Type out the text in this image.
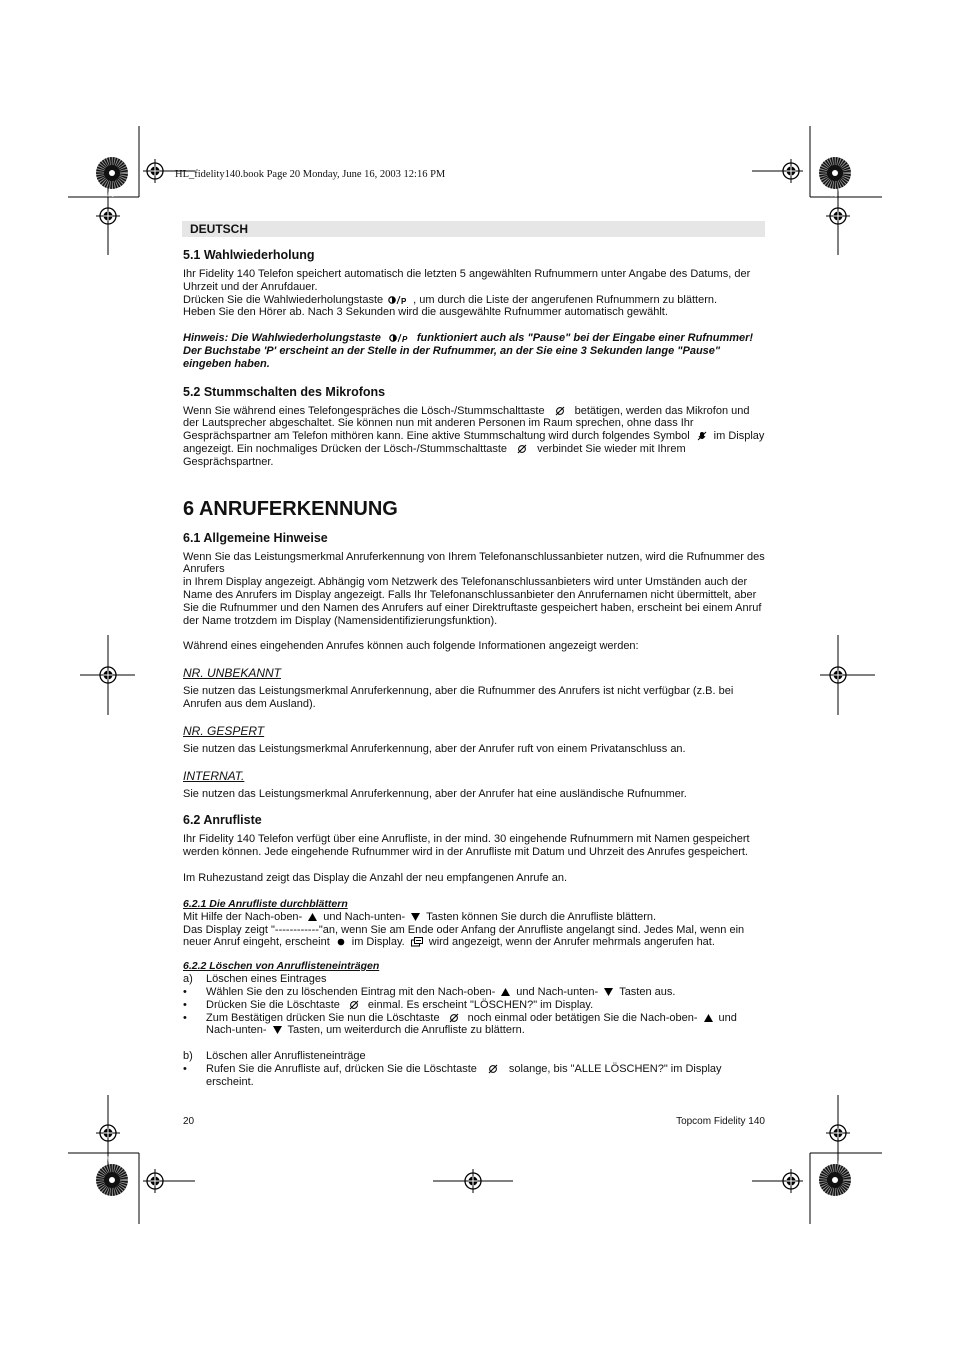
HL_fidelity140.book Page 20 Monday, June 16, 2003 12:16 PM
DEUTSCH
5.1 Wahlwiederholung

Ihr Fidelity 140 Telefon speichert automatisch die letzten 5 angewählten Rufnummern unter Angabe des Datums, der Uhrzeit und der Anrufdauer.

Drücken Sie die Wahlwiederholungstaste P , um durch die Liste der angerufenen Rufnummern zu blättern.

Heben Sie den Hörer ab. Nach 3 Sekunden wird die ausgewählte Rufnummer automatisch gewählt.

Hinweis: Die Wahlwiederholungstaste	P funktioniert auch als "Pause" bei der Eingabe einer Rufnummer! Der Buchstabe 'P' erscheint an der Stelle in der Rufnummer, an der Sie eine 3 Sekunden lange "Pause" eingeben haben.

5.2 Stummschalten des Mikrofons

Wenn Sie während eines Telefongespräches die Lösch-/Stummschalttaste	betätigen, werden das Mikrofon und der Lautsprecher abgeschaltet. Sie können nun mit anderen Personen im Raum sprechen, ohne dass Ihr Gesprächspartner am Telefon mithören kann. Eine aktive Stummschaltung wird durch folgendes Symbol im Display angezeigt. Ein nochmaliges Drücken der Lösch-/Stummschalttaste	verbindet Sie wieder mit Ihrem Gesprächspartner.

6 ANRUFERKENNUNG
6.1 Allgemeine Hinweise

Wenn Sie das Leistungsmerkmal Anruferkennung von Ihrem Telefonanschlussanbieter nutzen, wird die Rufnummer des Anrufers

in Ihrem Display angezeigt. Abhängig vom Netzwerk des Telefonanschlussanbieters wird unter Umständen auch der Name des Anrufers im Display angezeigt. Falls Ihr Telefonanschlussanbieter den Anrufernamen nicht übermittelt, aber Sie die Rufnummer und den Namen des Anrufers auf einer Direktruftaste gespeichert haben, erscheint bei einem Anruf der Name trotzdem im Display (Namensidentifizierungsfunktion).

Während eines eingehenden Anrufes können auch folgende Informationen angezeigt werden:

NR. UNBEKANNT

Sie nutzen das Leistungsmerkmal Anruferkennung, aber die Rufnummer des Anrufers ist nicht verfügbar (z.B. bei Anrufen aus dem Ausland).

NR. GESPERT

Sie nutzen das Leistungsmerkmal Anruferkennung, aber der Anrufer ruft von einem Privatanschluss an.

INTERNAT.

Sie nutzen das Leistungsmerkmal Anruferkennung, aber der Anrufer hat eine ausländische Rufnummer.

6.2 Anrufliste

Ihr Fidelity 140 Telefon verfügt über eine Anrufliste, in der mind. 30 eingehende Rufnummern mit Namen gespeichert werden können. Jede eingehende Rufnummer wird in der Anrufliste mit Datum und Uhrzeit des Anrufes gespeichert.

Im Ruhezustand zeigt das Display die Anzahl der neu empfangenen Anrufe an.

6.2.1 Die Anrufliste durchblättern

Mit Hilfe der Nach-oben- und Nach-unten- Tasten können Sie durch die Anrufliste blättern.

Das Display zeigt "------------"an, wenn Sie am Ende oder Anfang der Anrufliste angelangt sind. Jedes Mal, wenn ein neuer Anruf eingeht, erscheint im Display. wird angezeigt, wenn der Anrufer mehrmals angerufen hat.

6.2.2 Löschen von Anruflisteneinträgen
a)	Löschen eines Eintrages
•	Wählen Sie den zu löschenden Eintrag mit den Nach-oben- und Nach-unten- Tasten aus.
•	Drücken Sie die Löschtaste	einmal. Es erscheint "LÖSCHEN?" im Display.
•	Zum Bestätigen drücken Sie nun die Löschtaste	noch einmal oder betätigen Sie die Nach-oben- und Nach-unten- Tasten, um weiterdurch die Anrufliste zu blättern.
b)	Löschen aller Anruflisteneinträge
•	Rufen Sie die Anrufliste auf, drücken Sie die Löschtaste	solange, bis "ALLE LÖSCHEN?" im Display erscheint.
20	Topcom Fidelity 140
